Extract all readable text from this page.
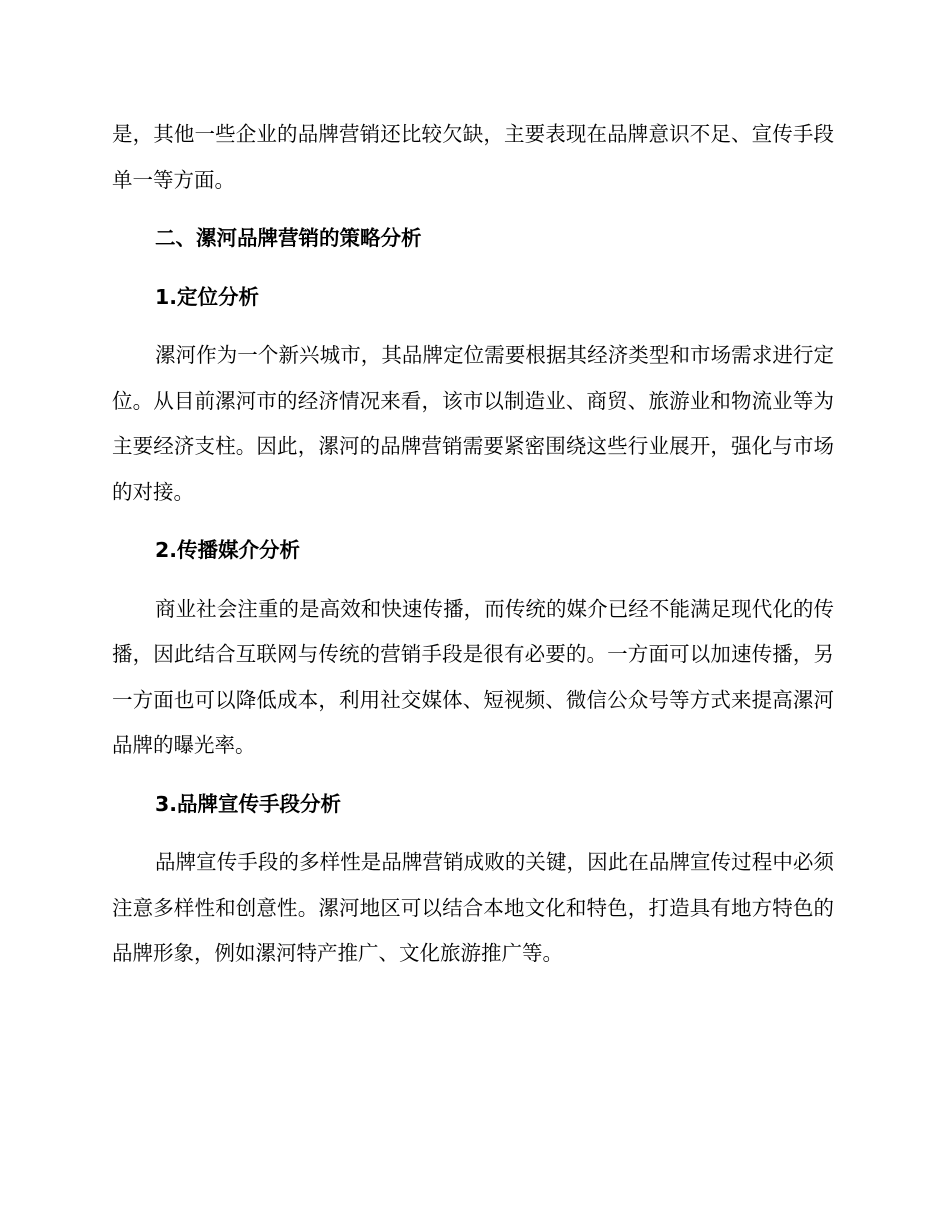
是，其他一些企业的品牌营销还比较欠缺，主要表现在品牌意识不足、宣传手段单一等方面。

二、漯河品牌营销的策略分析
1.定位分析

漯河作为一个新兴城市，其品牌定位需要根据其经济类型和市场需求进行定位。从目前漯河市的经济情况来看，该市以制造业、商贸、旅游业和物流业等为主要经济支柱。因此，漯河的品牌营销需要紧密围绕这些行业展开，强化与市场的对接。

2.传播媒介分析

商业社会注重的是高效和快速传播，而传统的媒介已经不能满足现代化的传播，因此结合互联网与传统的营销手段是很有必要的。一方面可以加速传播，另一方面也可以降低成本，利用社交媒体、短视频、微信公众号等方式来提高漯河品牌的曝光率。

3.品牌宣传手段分析

品牌宣传手段的多样性是品牌营销成败的关键，因此在品牌宣传过程中必须注意多样性和创意性。漯河地区可以结合本地文化和特色，打造具有地方特色的品牌形象，例如漯河特产推广、文化旅游推广等。
